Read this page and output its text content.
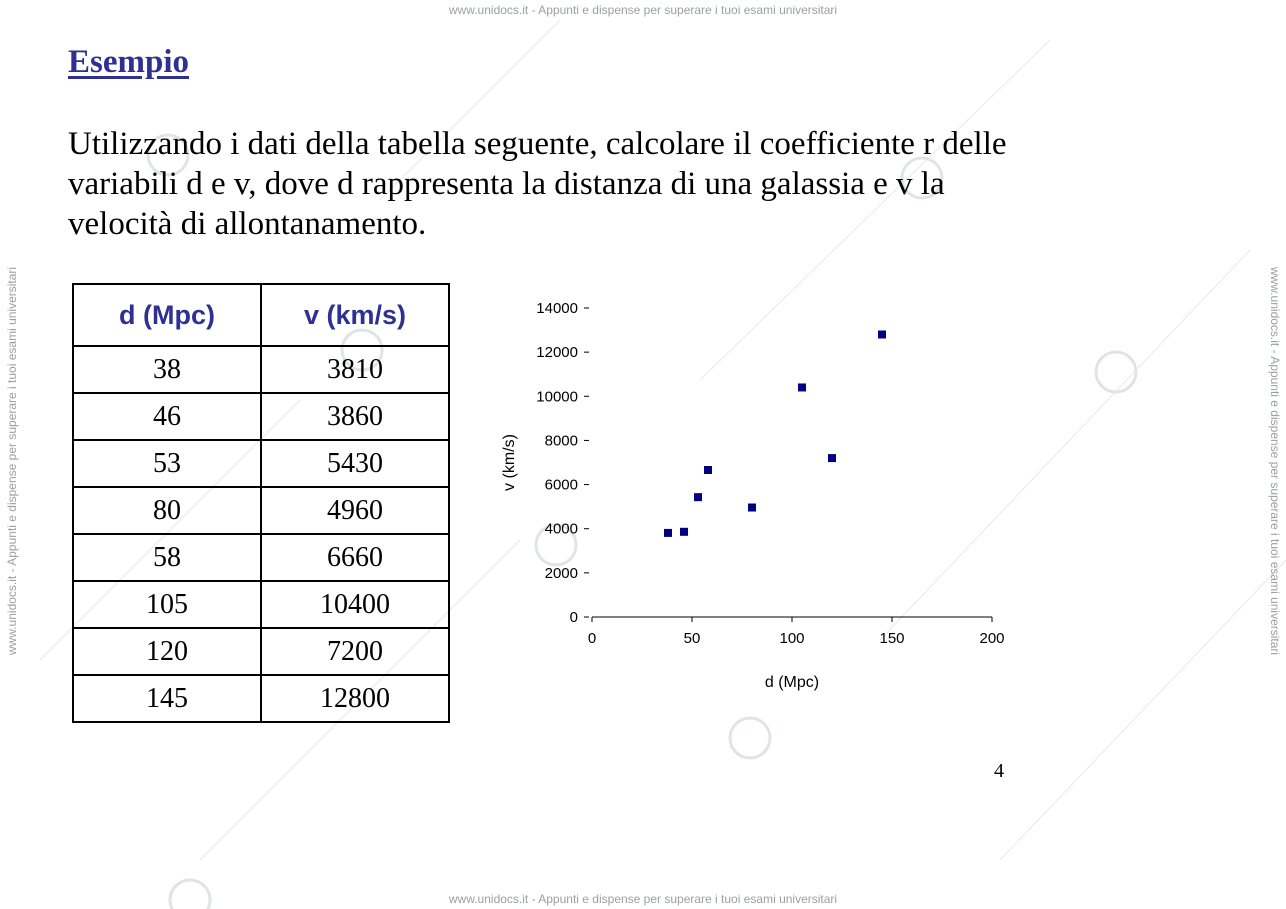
www.unidocs.it - Appunti e dispense per superare i tuoi esami universitari
www.unidocs.it - Appunti e dispense per superare i tuoi esami universitari
www.unidocs.it - Appunti e dispense per superare i tuoi esami universitari	www.unidocs.it - Appunti e dispense per superare i tuoi esami universitari
Esempio

Utilizzando i dati della tabella seguente, calcolare il coefficiente r delle variabili d e v, dove d rappresenta la distanza di una galassia e v la velocità di allontanamento.

d (Mpc)	v (km/s)
38	3810
46	3860
53	5430
80	4960
58	6660
105	10400
120	7200
145	12800
0
2000
4000
6000
8000
10000
12000
14000
0	50	100	150	200
d (Mpc)
v (km/s)

4
